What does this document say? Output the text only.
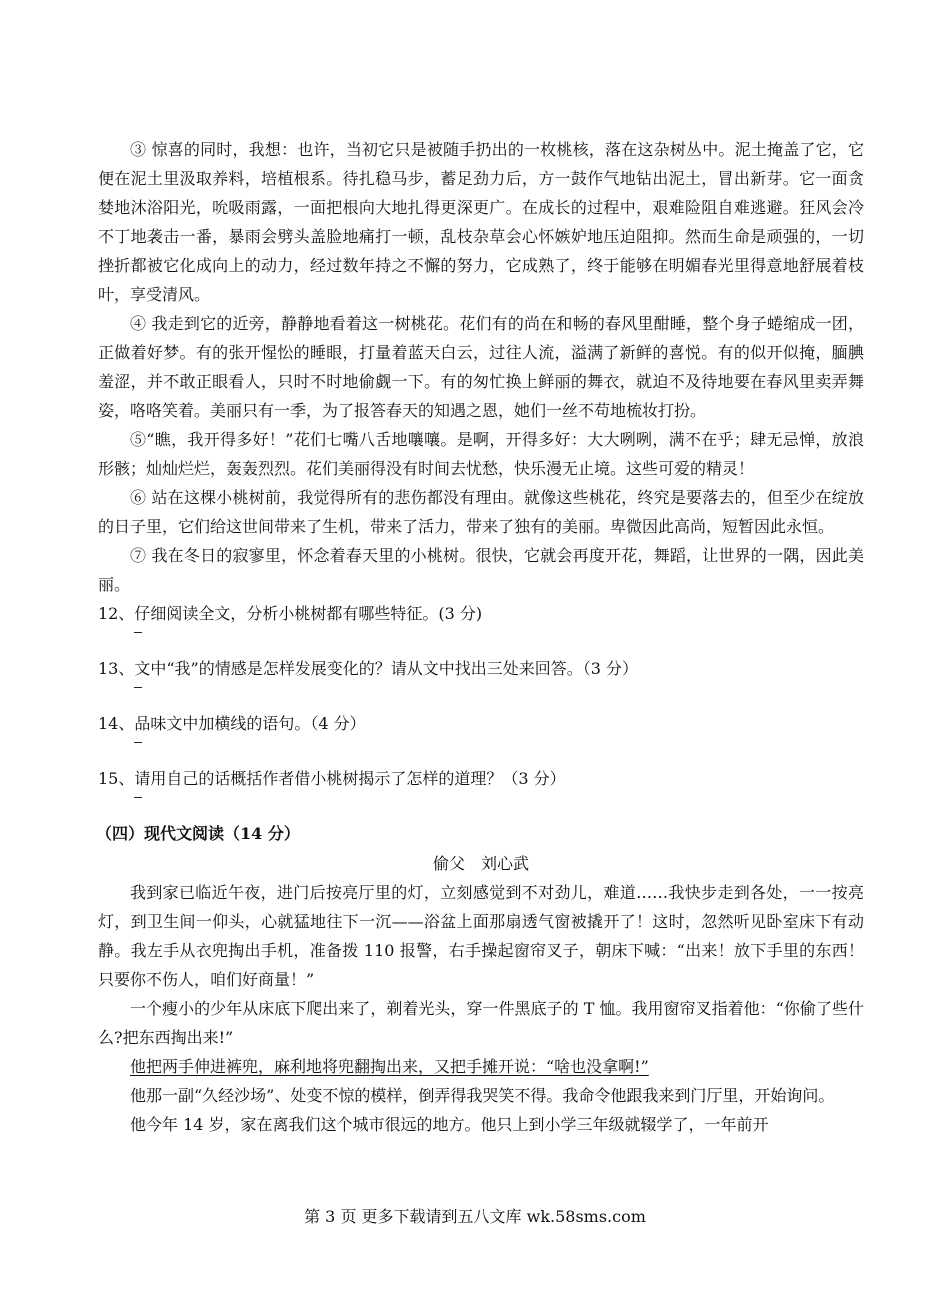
③ 惊喜的同时，我想：也许，当初它只是被随手扔出的一枚桃核，落在这杂树丛中。泥土掩盖了它，它便在泥土里汲取养料，培植根系。待扎稳马步，蓄足劲力后，方一鼓作气地钻出泥土，冒出新芽。它一面贪婪地沐浴阳光，吮吸雨露，一面把根向大地扎得更深更广。在成长的过程中，艰难险阻自难逃避。狂风会冷不丁地袭击一番，暴雨会劈头盖脸地痛打一顿，乱枝杂草会心怀嫉妒地压迫阻抑。然而生命是顽强的，一切挫折都被它化成向上的动力，经过数年持之不懈的努力，它成熟了，终于能够在明媚春光里得意地舒展着枝叶，享受清风。

④ 我走到它的近旁，静静地看着这一树桃花。花们有的尚在和畅的春风里酣睡，整个身子蜷缩成一团，正做着好梦。有的张开惺忪的睡眼，打量着蓝天白云，过往人流，溢满了新鲜的喜悦。有的似开似掩，腼腆羞涩，并不敢正眼看人，只时不时地偷觑一下。有的匆忙换上鲜丽的舞衣，就迫不及待地要在春风里卖弄舞姿，咯咯笑着。美丽只有一季，为了报答春天的知遇之恩，她们一丝不苟地梳妆打扮。

⑤“瞧，我开得多好！”花们七嘴八舌地嚷嚷。是啊，开得多好：大大咧咧，满不在乎；肆无忌惮，放浪形骸；灿灿烂烂，轰轰烈烈。花们美丽得没有时间去忧愁，快乐漫无止境。这些可爱的精灵！

⑥ 站在这棵小桃树前，我觉得所有的悲伤都没有理由。就像这些桃花，终究是要落去的，但至少在绽放的日子里，它们给这世间带来了生机，带来了活力，带来了独有的美丽。卑微因此高尚，短暂因此永恒。

⑦ 我在冬日的寂寥里，怀念着春天里的小桃树。很快，它就会再度开花，舞蹈，让世界的一隅，因此美丽。

12、仔细阅读全文，分析小桃树都有哪些特征。(3 分)

13、文中“我”的情感是怎样发展变化的？请从文中找出三处来回答。（3 分）

14、品味文中加横线的语句。（4 分）

15、请用自己的话概括作者借小桃树揭示了怎样的道理？（3 分）

（四）现代文阅读（14 分）

偷父　刘心武

我到家已临近午夜，进门后按亮厅里的灯，立刻感觉到不对劲儿，难道……我快步走到各处，一一按亮灯，到卫生间一仰头，心就猛地往下一沉——浴盆上面那扇透气窗被撬开了！这时，忽然听见卧室床下有动静。我左手从衣兜掏出手机，准备拨 110 报警，右手操起窗帘叉子，朝床下喊：“出来！放下手里的东西！只要你不伤人，咱们好商量！”

一个瘦小的少年从床底下爬出来了，剃着光头，穿一件黑底子的 T 恤。我用窗帘叉指着他：“你偷了些什么?把东西掏出来!”

他把两手伸进裤兜，麻利地将兜翻掏出来，又把手摊开说：“啥也没拿啊!”

他那一副“久经沙场”、处变不惊的模样，倒弄得我哭笑不得。我命令他跟我来到门厅里，开始询问。

他今年 14 岁，家在离我们这个城市很远的地方。他只上到小学三年级就辍学了，一年前开

第 3 页 更多下载请到五八文库 wk.58sms.com
